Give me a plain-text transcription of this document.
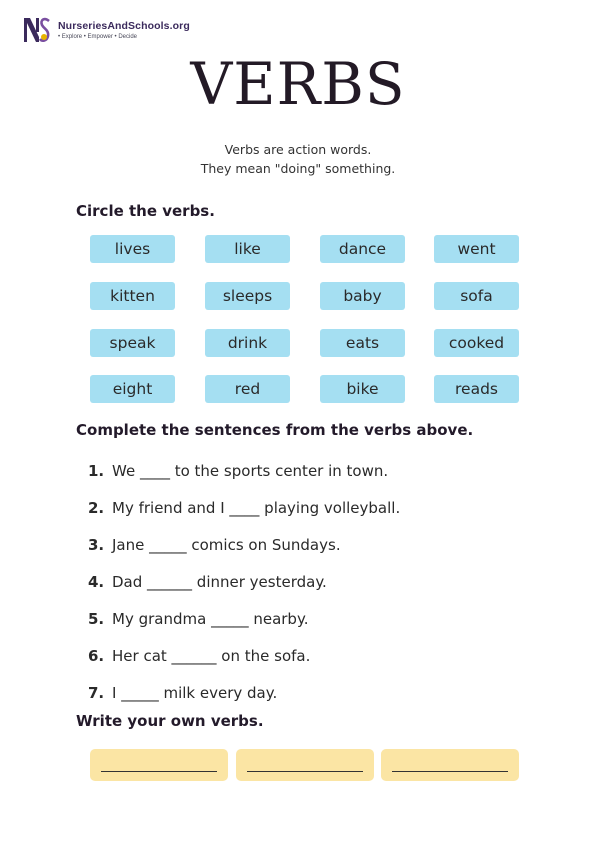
NurseriesAndSchools.org
• Explore • Empower • Decide
VERBS
Verbs are action words.
They mean "doing" something.
Circle the verbs.
lives	like	dance	went
kitten	sleeps	baby	sofa
speak	drink	eats	cooked
eight	red	bike	reads
Complete the sentences from the verbs above.
1. We ____ to the sports center in town.
2. My friend and I ____ playing volleyball.
3. Jane _____ comics on Sundays.
4. Dad ______ dinner yesterday.
5. My grandma _____ nearby.
6. Her cat ______ on the sofa.
7. I _____ milk every day.
Write your own verbs.
